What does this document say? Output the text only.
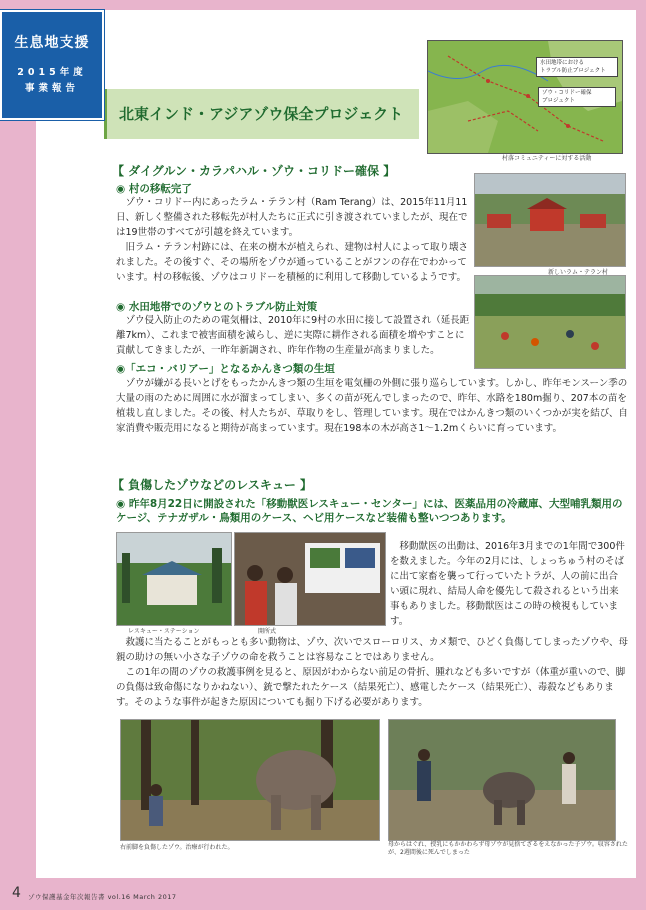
水田地帯における
トラブル防止プロジェクト
ゾウ・コリドー確保
プロジェクト
村落コミュニティーに対する活動
北東インド・アジアゾウ保全プロジェクト
【 ダイグルン・カラパハル・ゾウ・コリドー確保 】
◉ 村の移転完了

ゾウ・コリドー内にあったラム・テラン村（Ram Terang）は、2015年11月11日、新しく整備された移転先が村人たちに正式に引き渡されていましたが、現在では19世帯のすべてが引越を終えています。

旧ラム・テラン村跡には、在来の樹木が植えられ、建物は村人によって取り壊されました。その後すぐ、その場所をゾウが通っていることがフンの存在でわかっています。村の移転後、ゾウはコリドーを積極的に利用して移動しているようです。	新しいラム・テラン村
◉ 水田地帯でのゾウとのトラブル防止対策

ゾウ侵入防止のための電気柵は、2010年に9村の水田に接して設置され（延長距離7km）、これまで被害面積を減らし、逆に実際に耕作される面積を増やすことに貢献してきましたが、一昨年新調され、昨年作物の生産量が高まりました。

◉「エコ・バリアー」となるかんきつ類の生垣

ゾウが嫌がる長いとげをもったかんきつ類の生垣を電気柵の外側に張り巡らしています。しかし、昨年モンスーン季の大量の雨のために周囲に水が溜まってしまい、多くの苗が死んでしまったので、昨年、水路を180m掘り、207本の苗を植栽し直しました。その後、村人たちが、草取りをし、管理しています。現在ではかんきつ類のいくつかが実を結び、自家消費や販売用になると期待が高まっています。現在198本の木が高さ1～1.2mくらいに育っています。

【 負傷したゾウなどのレスキュー 】
◉ 昨年8月22日に開設された「移動獣医レスキュー・センター」には、医薬品用の冷蔵庫、大型哺乳類用のケージ、テナガザル・鳥類用のケース、ヘビ用ケースなど装備も整いつつあります。
レスキュー・ステーション	開所式

移動獣医の出動は、2016年3月までの1年間で300件を数えました。今年の2月には、しょっちゅう村のそばに出て家畜を襲って行っていたトラが、人の前に出合い頭に現れ、結局人命を優先して殺されるという出来事もありました。移動獣医はこの時の検視もしています。

救護に当たることがもっとも多い動物は、ゾウ、次いでスローロリス、カメ類で、ひどく負傷してしまったゾウや、母親の助けの無い小さな子ゾウの命を救うことは容易なことではありません。

この1年の間のゾウの救護事例を見ると、原因がわからない前足の骨折、腫れなども多いですが（体重が重いので、脚の負傷は致命傷になりかねない）、銃で撃たれたケース（結果死亡）、感電したケース（結果死亡）、毒殺などもあります。そのような事件が起きた原因についても掘り下げる必要があります。

右前脚を負傷したゾウ。治療が行われた。	母からはぐれ、授乳にもかかわらず母ゾウが見捨てざるをえなかった子ゾウ。収容されたが、2週間後に死んでしまった
生息地支援
2015年度
事業報告
4 ゾウ保護基金年次報告書 vol.16 March 2017
